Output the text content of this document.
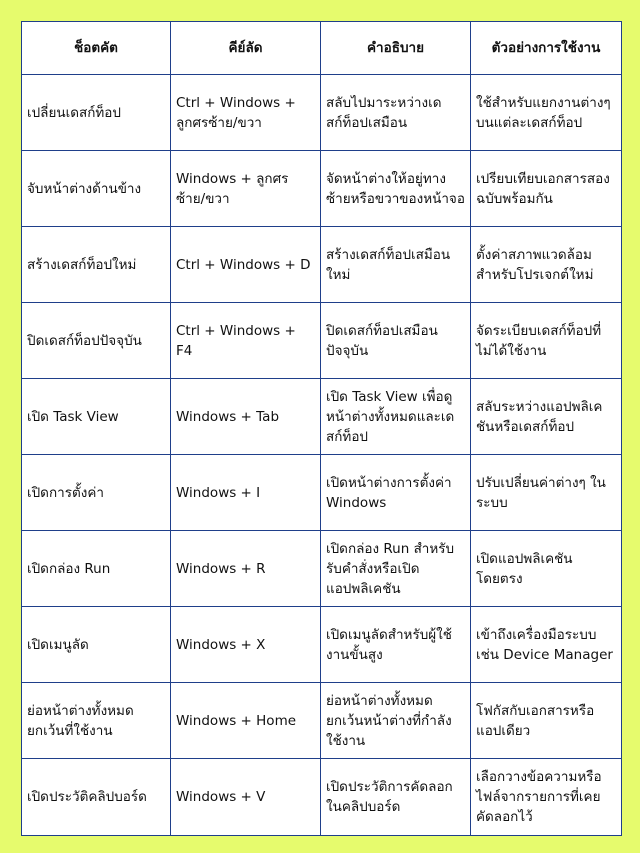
ช็อตคัต	คีย์ลัด	คำอธิบาย	ตัวอย่างการใช้งาน
เปลี่ยนเดสก์ท็อป	Ctrl + Windows + ลูกศรซ้าย/ขวา	สลับไปมาระหว่างเดสก์ท็อปเสมือน	ใช้สำหรับแยกงานต่างๆ บนแต่ละเดสก์ท็อป
จับหน้าต่างด้านข้าง	Windows + ลูกศรซ้าย/ขวา	จัดหน้าต่างให้อยู่ทางซ้ายหรือขวาของหน้าจอ	เปรียบเทียบเอกสารสองฉบับพร้อมกัน
สร้างเดสก์ท็อปใหม่	Ctrl + Windows + D	สร้างเดสก์ท็อปเสมือนใหม่	ตั้งค่าสภาพแวดล้อมสำหรับโปรเจกต์ใหม่
ปิดเดสก์ท็อปปัจจุบัน	Ctrl + Windows + F4	ปิดเดสก์ท็อปเสมือนปัจจุบัน	จัดระเบียบเดสก์ท็อปที่ไม่ได้ใช้งาน
เปิด Task View	Windows + Tab	เปิด Task View เพื่อดูหน้าต่างทั้งหมดและเดสก์ท็อป	สลับระหว่างแอปพลิเคชันหรือเดสก์ท็อป
เปิดการตั้งค่า	Windows + I	เปิดหน้าต่างการตั้งค่า Windows	ปรับเปลี่ยนค่าต่างๆ ในระบบ
เปิดกล่อง Run	Windows + R	เปิดกล่อง Run สำหรับรับคำสั่งหรือเปิดแอปพลิเคชัน	เปิดแอปพลิเคชันโดยตรง
เปิดเมนูลัด	Windows + X	เปิดเมนูลัดสำหรับผู้ใช้งานขั้นสูง	เข้าถึงเครื่องมือระบบ เช่น Device Manager
ย่อหน้าต่างทั้งหมดยกเว้นที่ใช้งาน	Windows + Home	ย่อหน้าต่างทั้งหมดยกเว้นหน้าต่างที่กำลังใช้งาน	โฟกัสกับเอกสารหรือแอปเดียว
เปิดประวัติคลิปบอร์ด	Windows + V	เปิดประวัติการคัดลอกในคลิปบอร์ด	เลือกวางข้อความหรือไฟล์จากรายการที่เคยคัดลอกไว้
